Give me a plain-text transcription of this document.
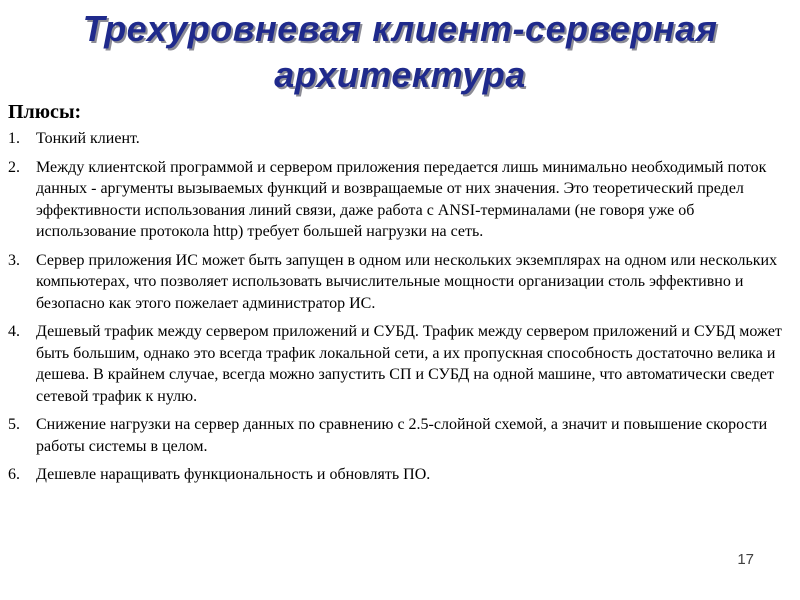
Трехуровневая клиент-серверная
архитектура
Плюсы:
1. Тонкий клиент.
2. Между клиентской программой и сервером приложения передается лишь минимально необходимый поток данных - аргументы вызываемых функций и возвращаемые от них значения. Это теоретический предел эффективности использования линий связи, даже работа с ANSI-терминалами (не говоря уже об использование протокола http) требует большей нагрузки на сеть.
3. Сервер приложения ИС может быть запущен в одном или нескольких экземплярах на одном или нескольких компьютерах, что позволяет использовать вычислительные мощности организации столь эффективно и безопасно как этого пожелает администратор ИС.
4. Дешевый трафик между сервером приложений и СУБД. Трафик между сервером приложений и СУБД может быть большим, однако это всегда трафик локальной сети, а их пропускная способность достаточно велика и дешева. В крайнем случае, всегда можно запустить СП и СУБД на одной машине, что автоматически сведет сетевой трафик к нулю.
5. Снижение нагрузки на сервер данных по сравнению с 2.5-слойной схемой, а значит и повышение скорости работы системы в целом.
6. Дешевле наращивать функциональность и обновлять ПО.
17
